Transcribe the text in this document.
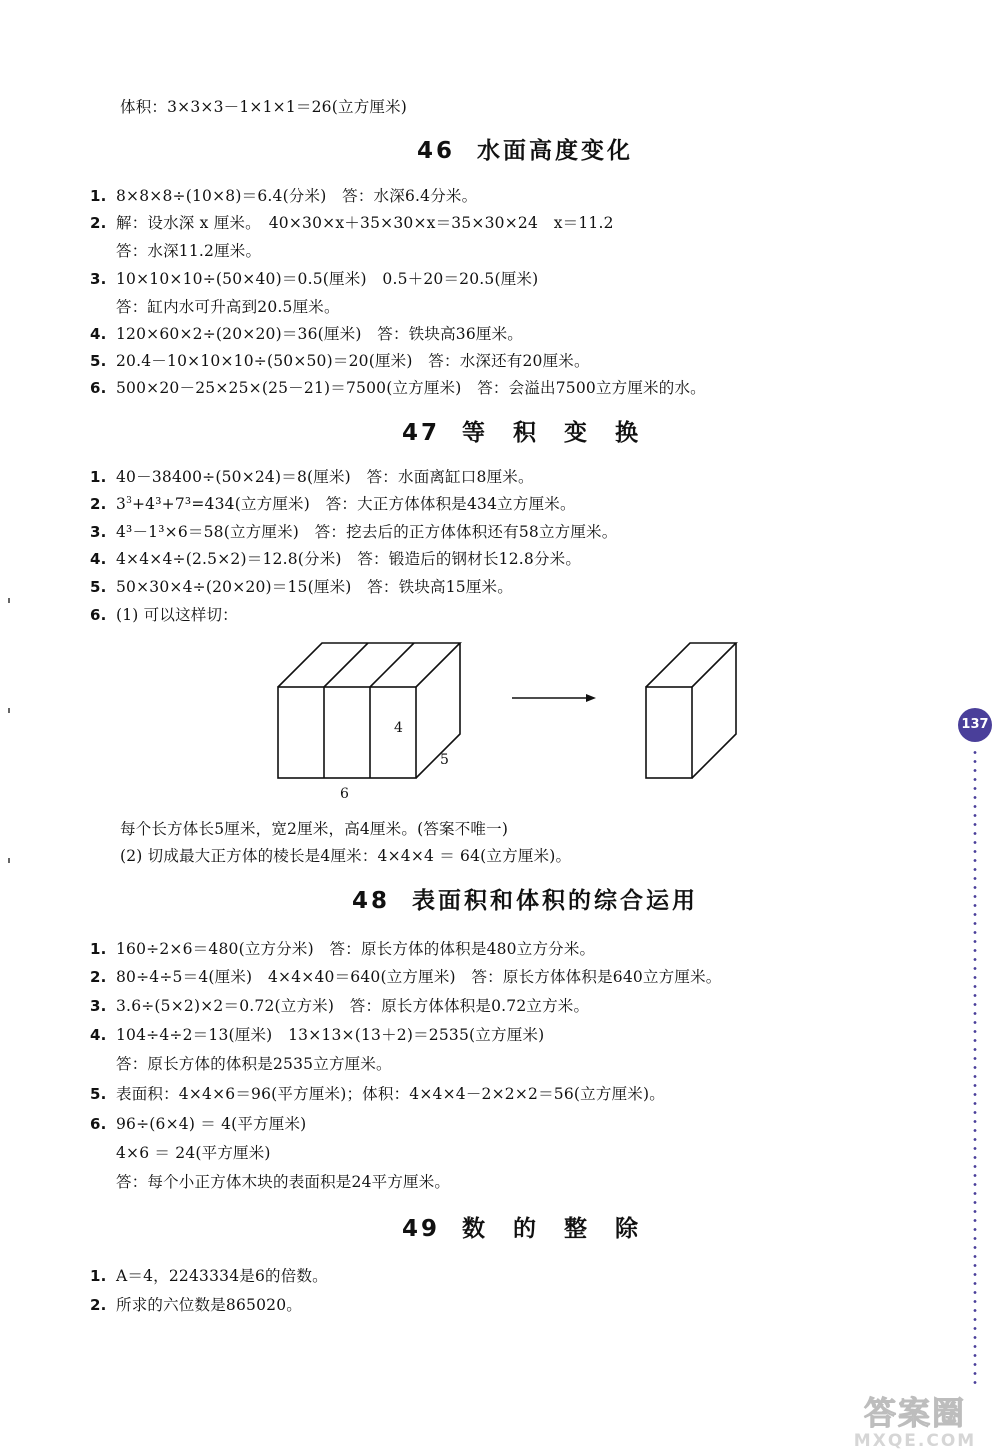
体积：3×3×3－1×1×1＝26(立方厘米)
46 水面高度变化
1. 8×8×8÷(10×8)＝6.4(分米)　答：水深6.4分米。
2. 解：设水深 x 厘米。　40×30×x＋35×30×x＝35×30×24　x＝11.2
答：水深11.2厘米。
3. 10×10×10÷(50×40)＝0.5(厘米)　0.5＋20＝20.5(厘米)
答：缸内水可升高到20.5厘米。
4. 120×60×2÷(20×20)＝36(厘米)　答：铁块高36厘米。
5. 20.4－10×10×10÷(50×50)＝20(厘米)　答：水深还有20厘米。
6. 500×20－25×25×(25－21)＝7500(立方厘米)　答：会溢出7500立方厘米的水。
47 等 积 变 换
1. 40－38400÷(50×24)＝8(厘米)　答：水面离缸口8厘米。
2. $3^3+4^3+7^3=434$(立方厘米)　答：大正方体体积是434立方厘米。
3. 4³－1³×6＝58(立方厘米)　答：挖去后的正方体体积还有58立方厘米。
4. 4×4×4÷(2.5×2)＝12.8(分米)　答：锻造后的钢材长12.8分米。
5. 50×30×4÷(20×20)＝15(厘米)　答：铁块高15厘米。
6. (1) 可以这样切：
4
5
6
每个长方体长5厘米，宽2厘米，高4厘米。(答案不唯一)
(2) 切成最大正方体的棱长是4厘米：4×4×4 ＝ 64(立方厘米)。
48 表面积和体积的综合运用
1. 160÷2×6＝480(立方分米)　答：原长方体的体积是480立方分米。
2. 80÷4÷5＝4(厘米)　4×4×40＝640(立方厘米)　答：原长方体体积是640立方厘米。
3. 3.6÷(5×2)×2＝0.72(立方米)　答：原长方体体积是0.72立方米。
4. 104÷4÷2＝13(厘米)　13×13×(13＋2)＝2535(立方厘米)
答：原长方体的体积是2535立方厘米。
5. 表面积：4×4×6＝96(平方厘米)；体积：4×4×4－2×2×2＝56(立方厘米)。
6. 96÷(6×4) ＝ 4(平方厘米)
4×6 ＝ 24(平方厘米)
答：每个小正方体木块的表面积是24平方厘米。
49 数 的 整 除
1. A＝4，2243334是6的倍数。
2. 所求的六位数是865020。
137
答案圈
MXQE.COM
